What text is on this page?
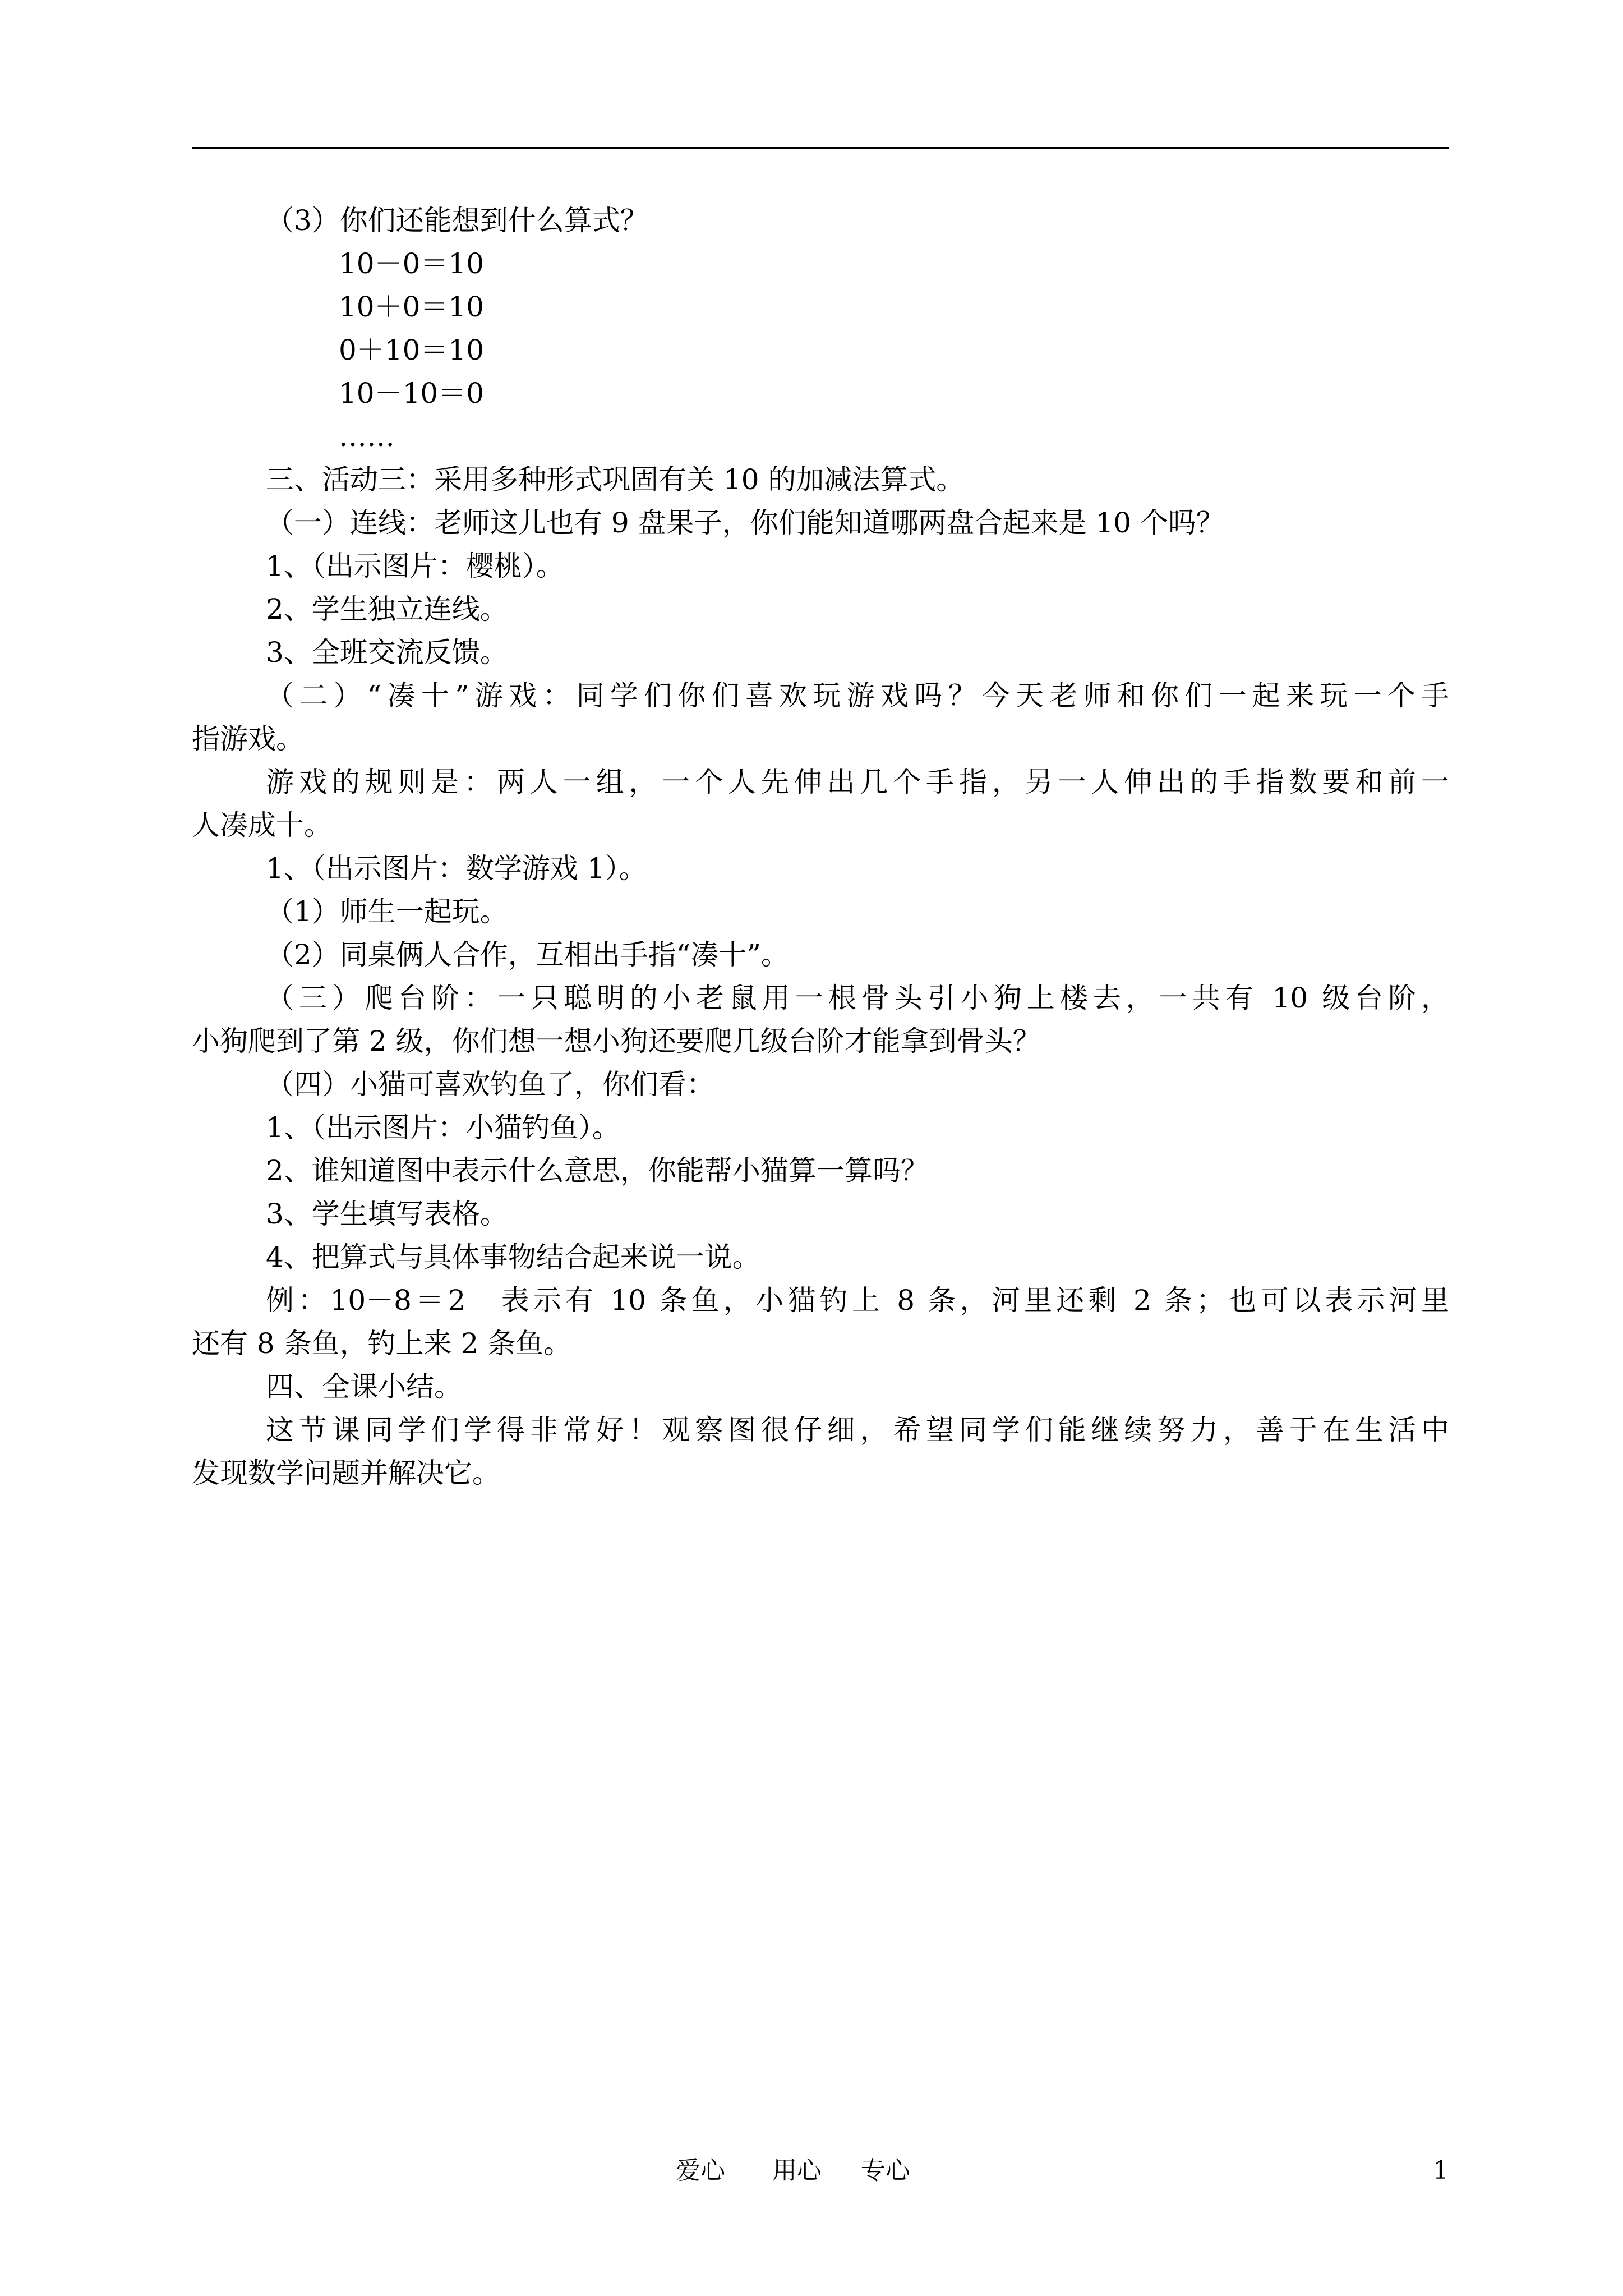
（3）你们还能想到什么算式？
10－0＝10
10＋0＝10
0＋10＝10
10－10＝0
……
三、活动三：采用多种形式巩固有关 10 的加减法算式。
（一）连线：老师这儿也有 9 盘果子，你们能知道哪两盘合起来是 10 个吗？
1、（出示图片：樱桃）。
2、学生独立连线。
3、全班交流反馈。
（二）“凑十”游戏：同学们你们喜欢玩游戏吗？今天老师和你们一起来玩一个手
指游戏。
游戏的规则是：两人一组，一个人先伸出几个手指，另一人伸出的手指数要和前一
人凑成十。
1、（出示图片：数学游戏 1）。
（1）师生一起玩。
（2）同桌俩人合作，互相出手指“凑十”。
（三）爬台阶：一只聪明的小老鼠用一根骨头引小狗上楼去，一共有 10 级台阶，
小狗爬到了第 2 级，你们想一想小狗还要爬几级台阶才能拿到骨头？
（四）小猫可喜欢钓鱼了，你们看：
1、（出示图片：小猫钓鱼）。
2、谁知道图中表示什么意思，你能帮小猫算一算吗？
3、学生填写表格。
4、把算式与具体事物结合起来说一说。
例：10－8＝2 表示有 10 条鱼，小猫钓上 8 条，河里还剩 2 条；也可以表示河里
还有 8 条鱼，钓上来 2 条鱼。
四、全课小结。
这节课同学们学得非常好！观察图很仔细，希望同学们能继续努力，善于在生活中
发现数学问题并解决它。
爱心      用心     专心	1
